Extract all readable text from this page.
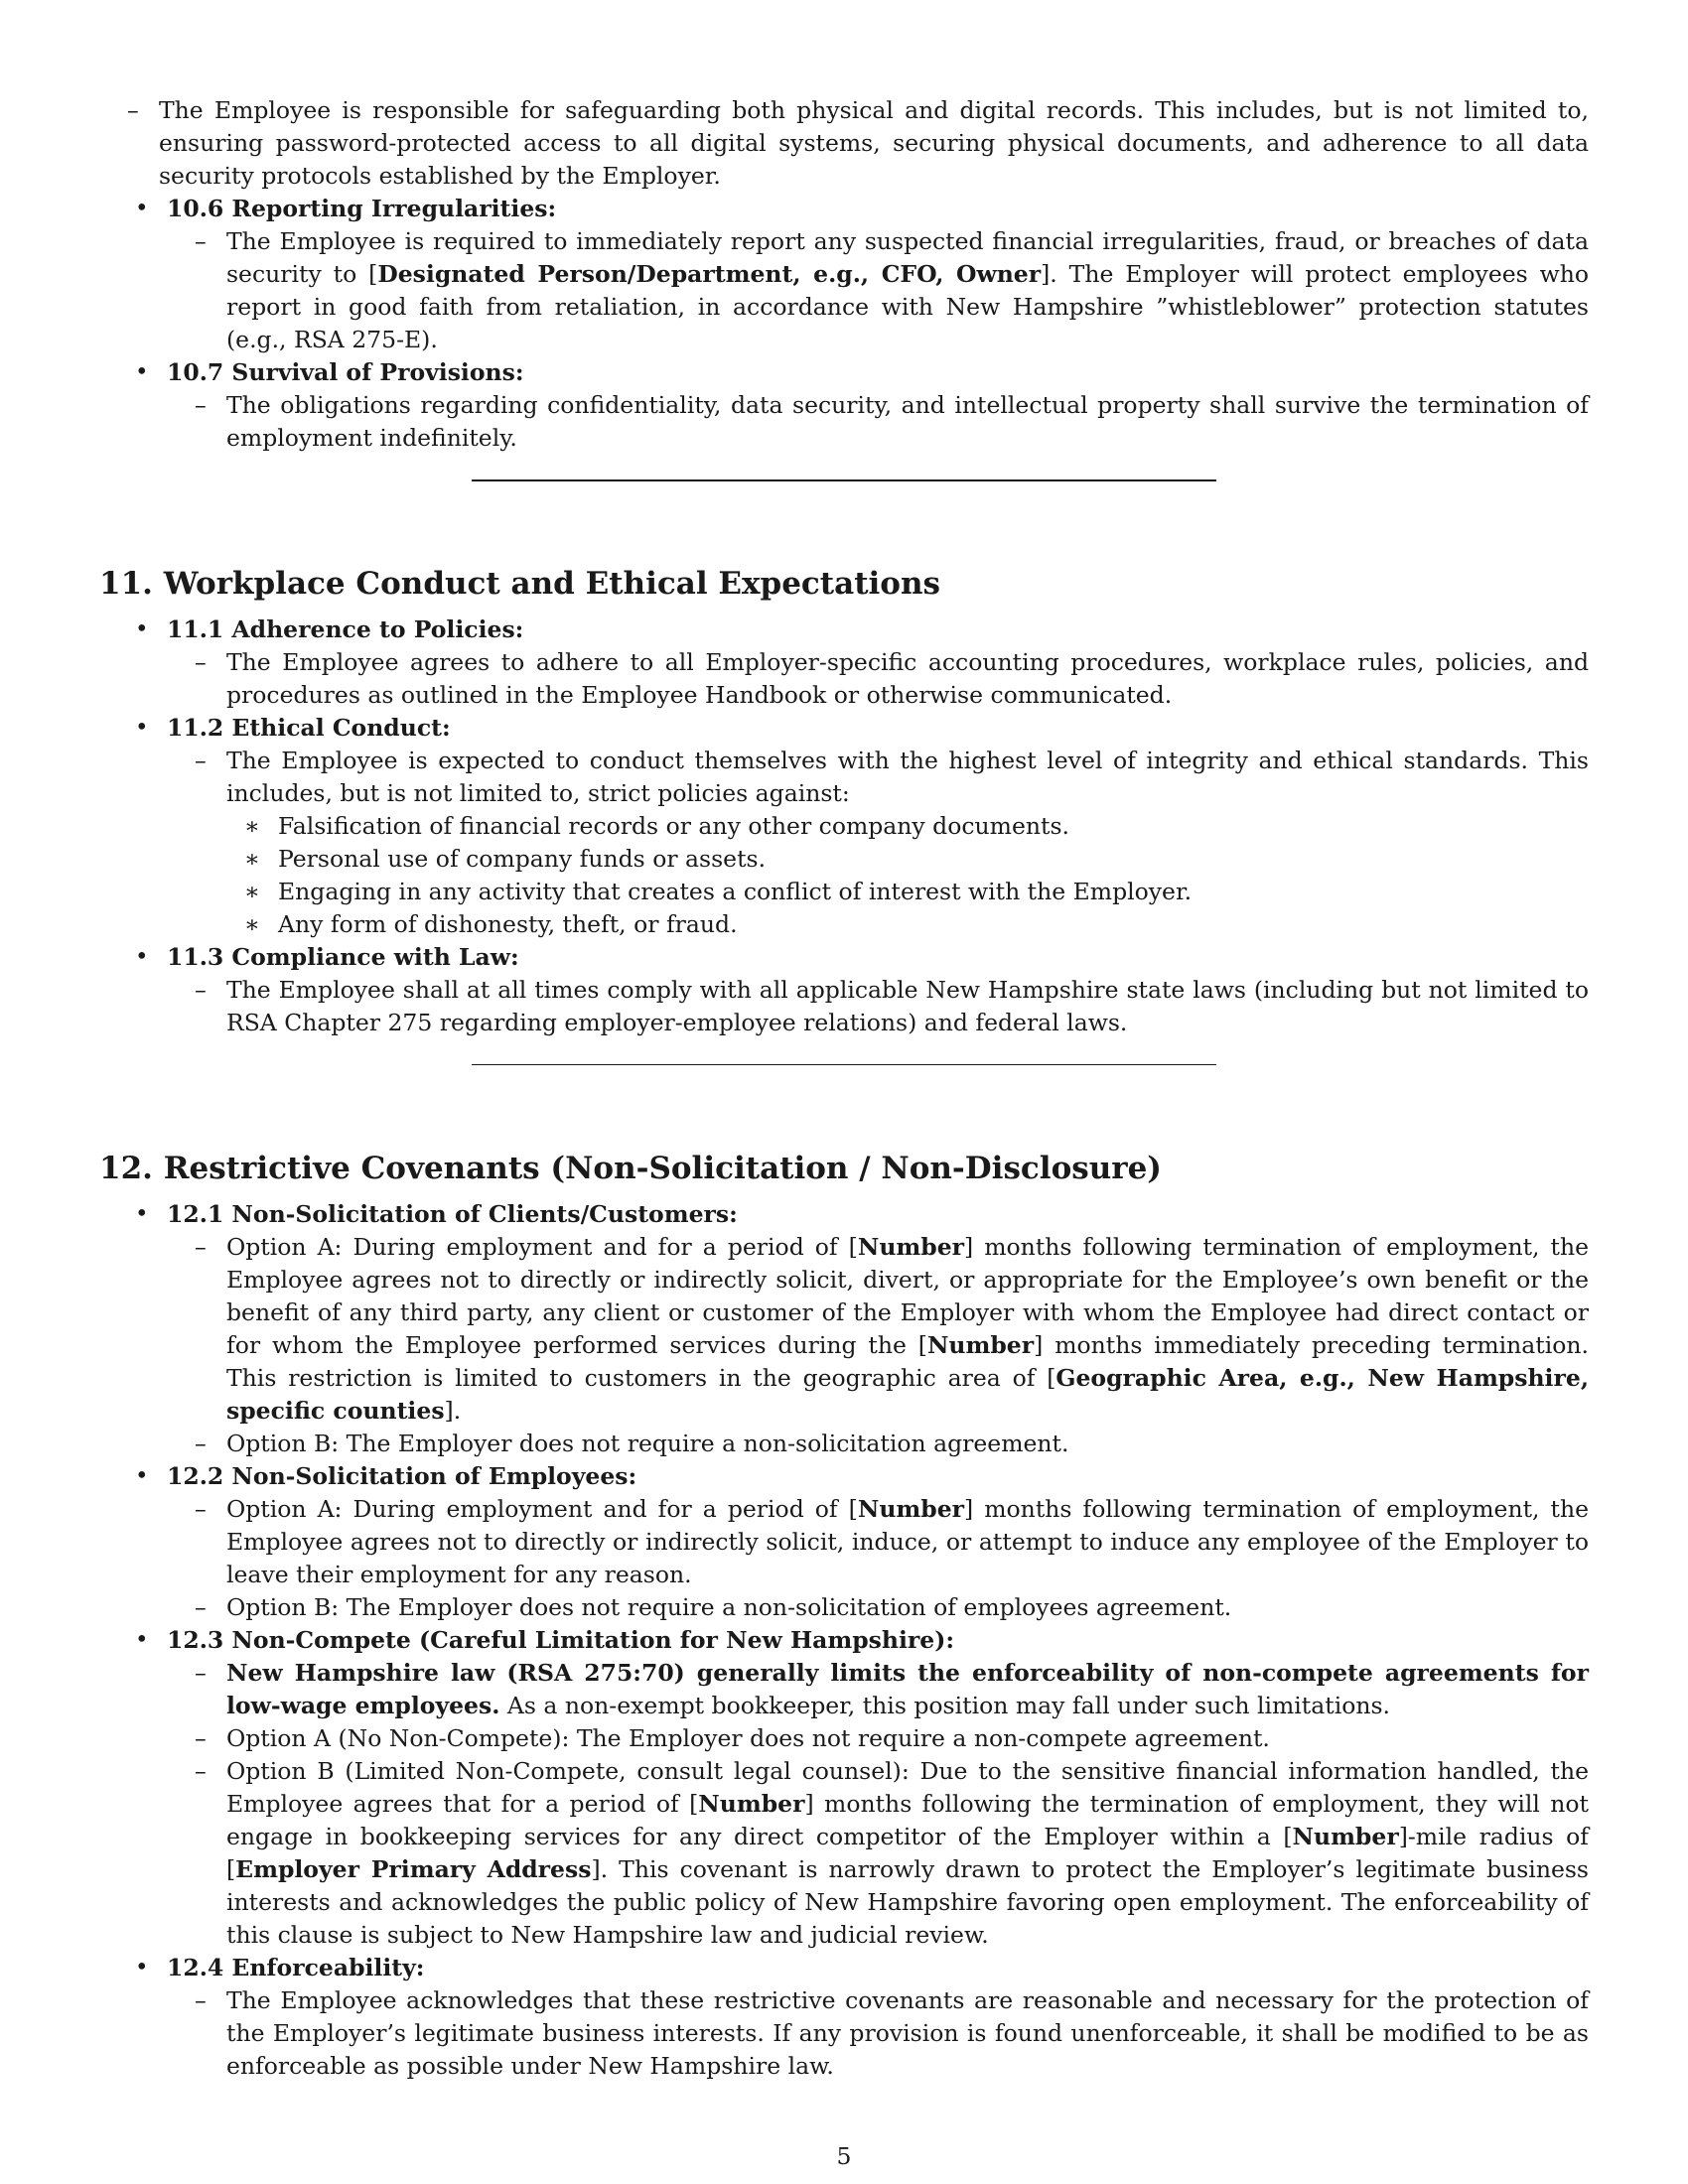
– The Employee is responsible for safeguarding both physical and digital records. This includes, but is not limited to, ensuring password-protected access to all digital systems, securing physical documents, and adherence to all data security protocols established by the Employer.
• 10.6 Reporting Irregularities:
– The Employee is required to immediately report any suspected financial irregularities, fraud, or breaches of data security to [Designated Person/Department, e.g., CFO, Owner]. The Employer will protect employees who report in good faith from retaliation, in accordance with New Hampshire ”whistleblower” protection statutes (e.g., RSA 275-E).
• 10.7 Survival of Provisions:
– The obligations regarding confidentiality, data security, and intellectual property shall survive the termination of employment indefinitely.
11. Workplace Conduct and Ethical Expectations
• 11.1 Adherence to Policies:
– The Employee agrees to adhere to all Employer-specific accounting procedures, workplace rules, policies, and procedures as outlined in the Employee Handbook or otherwise communicated.
• 11.2 Ethical Conduct:
– The Employee is expected to conduct themselves with the highest level of integrity and ethical standards. This includes, but is not limited to, strict policies against:
∗ Falsification of financial records or any other company documents.
∗ Personal use of company funds or assets.
∗ Engaging in any activity that creates a conflict of interest with the Employer.
∗ Any form of dishonesty, theft, or fraud.
• 11.3 Compliance with Law:
– The Employee shall at all times comply with all applicable New Hampshire state laws (including but not limited to RSA Chapter 275 regarding employer-employee relations) and federal laws.
12. Restrictive Covenants (Non-Solicitation / Non-Disclosure)
• 12.1 Non-Solicitation of Clients/Customers:
– Option A: During employment and for a period of [Number] months following termination of employment, the Employee agrees not to directly or indirectly solicit, divert, or appropriate for the Employee’s own benefit or the benefit of any third party, any client or customer of the Employer with whom the Employee had direct contact or for whom the Employee performed services during the [Number] months immediately preceding termination. This restriction is limited to customers in the geographic area of [Geographic Area, e.g., New Hampshire, specific counties].
– Option B: The Employer does not require a non-solicitation agreement.
• 12.2 Non-Solicitation of Employees:
– Option A: During employment and for a period of [Number] months following termination of employment, the Employee agrees not to directly or indirectly solicit, induce, or attempt to induce any employee of the Employer to leave their employment for any reason.
– Option B: The Employer does not require a non-solicitation of employees agreement.
• 12.3 Non-Compete (Careful Limitation for New Hampshire):
– New Hampshire law (RSA 275:70) generally limits the enforceability of non-compete agreements for low-wage employees. As a non-exempt bookkeeper, this position may fall under such limitations.
– Option A (No Non-Compete): The Employer does not require a non-compete agreement.
– Option B (Limited Non-Compete, consult legal counsel): Due to the sensitive financial information handled, the Employee agrees that for a period of [Number] months following the termination of employment, they will not engage in bookkeeping services for any direct competitor of the Employer within a [Number]-mile radius of [Employer Primary Address]. This covenant is narrowly drawn to protect the Employer’s legitimate business interests and acknowledges the public policy of New Hampshire favoring open employment. The enforceability of this clause is subject to New Hampshire law and judicial review.
• 12.4 Enforceability:
– The Employee acknowledges that these restrictive covenants are reasonable and necessary for the protection of the Employer’s legitimate business interests. If any provision is found unenforceable, it shall be modified to be as enforceable as possible under New Hampshire law.
5
